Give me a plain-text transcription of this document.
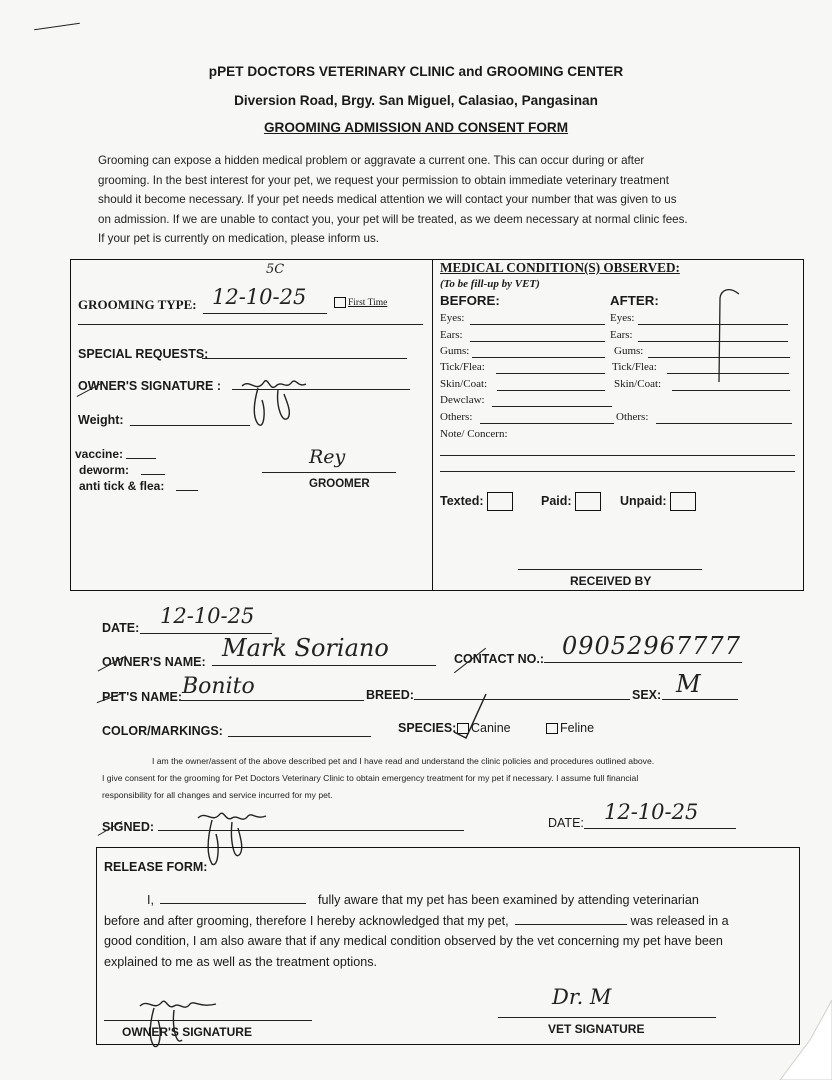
pPET DOCTORS VETERINARY CLINIC and GROOMING CENTER
Diversion Road, Brgy. San Miguel, Calasiao, Pangasinan
GROOMING ADMISSION AND CONSENT FORM
Grooming can expose a hidden medical problem or aggravate a current one. This can occur during or after
grooming. In the best interest for your pet, we request your permission to obtain immediate veterinary treatment
should it become necessary. If your pet needs medical attention we will contact your number that was given to us
on admission. If we are unable to contact you, your pet will be treated, as we deem necessary at normal clinic fees.
If your pet is currently on medication, please inform us.
5C
GROOMING TYPE: 12-10-25	First Time
SPECIAL REQUESTS:
OWNER'S SIGNATURE :
Weight:
vaccine:
deworm:
anti tick & flea:
Rey
GROOMER
MEDICAL CONDITION(S) OBSERVED:
(To be fill-up by VET)
BEFORE:	AFTER:
Eyes:
Ears:
Gums:
Tick/Flea:
Skin/Coat:
Dewclaw:
Others:
Eyes:
Ears:
Gums:
Tick/Flea:
Skin/Coat:
Others:
Note/ Concern:
Texted:	Paid:	Unpaid:
RECEIVED BY
DATE: 12-10-25
OWNER'S NAME: Mark Soriano	CONTACT NO.: 09052967777
PET'S NAME: Bonito	BREED:	SEX: M
COLOR/MARKINGS:	SPECIES:	Canine	Feline
I am the owner/assent of the above described pet and I have read and understand the clinic policies and procedures outlined above.
I give consent for the grooming for Pet Doctors Veterinary Clinic to obtain emergency treatment for my pet if necessary. I assume full financial
responsibility for all changes and service incurred for my pet.
SIGNED:	DATE: 12-10-25
RELEASE FORM:
I,	fully aware that my pet has been examined by attending veterinarian
before and after grooming, therefore I hereby acknowledged that my pet,	was released in a
good condition, I am also aware that if any medical condition observed by the vet concerning my pet have been
explained to me as well as the treatment options.
OWNER'S SIGNATURE
Dr. M
VET SIGNATURE
